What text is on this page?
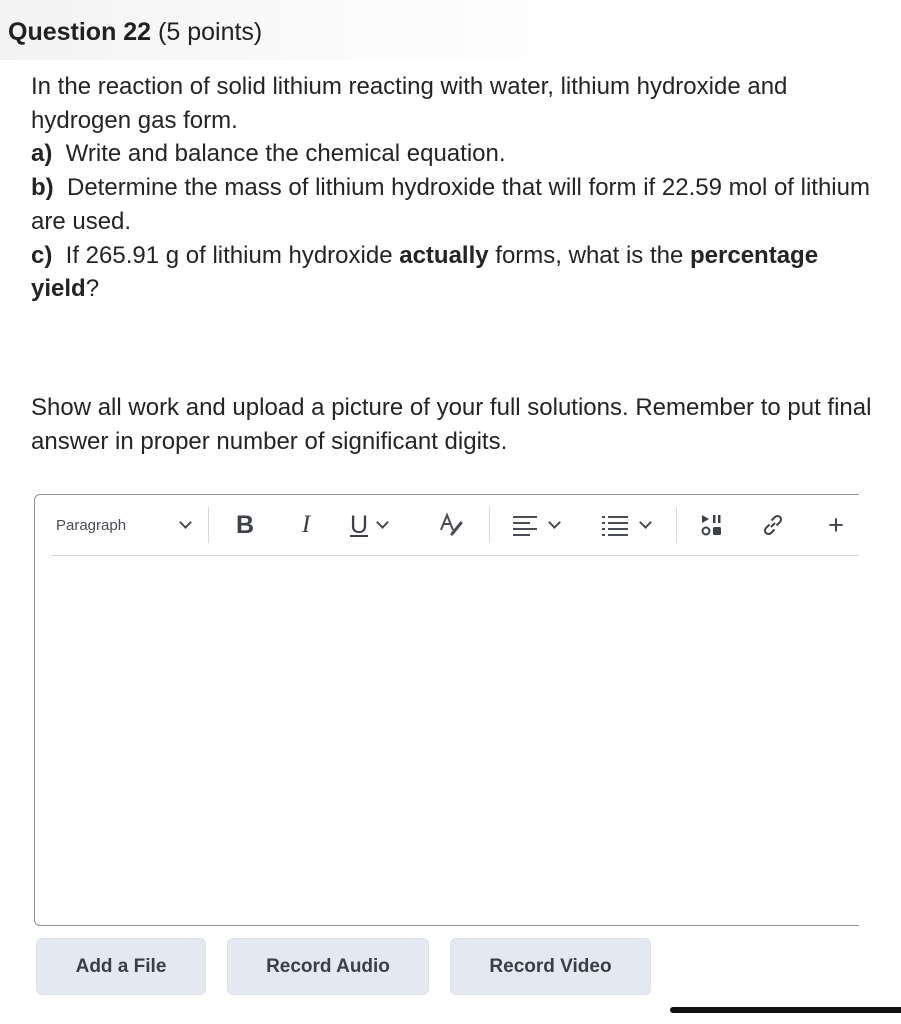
Question 22 (5 points)

In the reaction of solid lithium reacting with water, lithium hydroxide and hydrogen gas form.

a)  Write and balance the chemical equation.

b)  Determine the mass of lithium hydroxide that will form if 22.59 mol of lithium are used.

c)  If 265.91 g of lithium hydroxide actually forms, what is the percentage yield?

Show all work and upload a picture of your full solutions. Remember to put final answer in proper number of significant digits.
Paragraph	B	I	U	+
Add a File	Record Audio	Record Video
